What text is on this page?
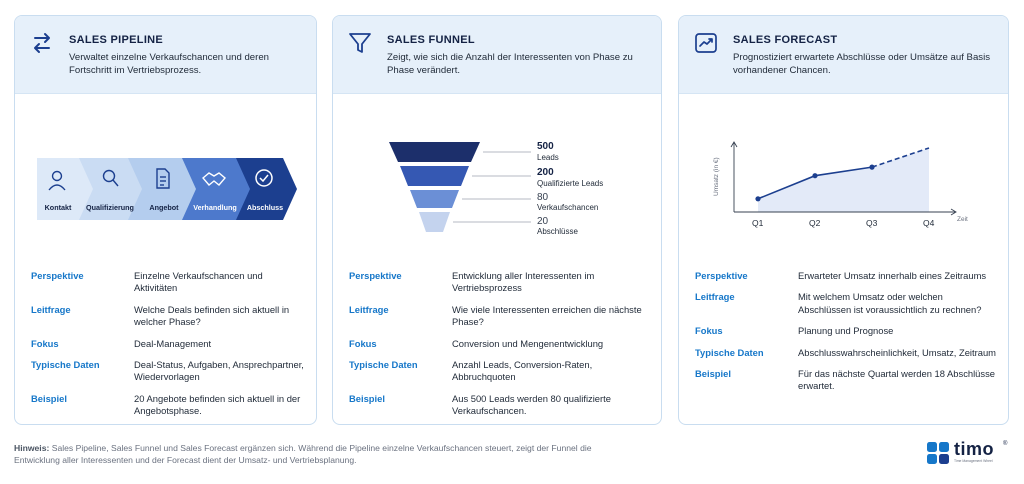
SALES PIPELINE
Verwaltet einzelne Verkaufschancen und deren Fortschritt im Vertriebsprozess.
Kontakt	Qualifizierung	Angebot	Verhandlung	Abschluss
Perspektive	Einzelne Verkaufschancen und Aktivitäten
Leitfrage	Welche Deals befinden sich aktuell in welcher Phase?
Fokus	Deal-Management
Typische Daten	Deal-Status, Aufgaben, Ansprechpartner, Wiedervorlagen
Beispiel	20 Angebote befinden sich aktuell in der Angebotsphase.
SALES FUNNEL
Zeigt, wie sich die Anzahl der Interessenten von Phase zu Phase verändert.
500
Leads
200
Qualifizierte Leads
80
Verkaufschancen
20
Abschlüsse
Perspektive	Entwicklung aller Interessenten im Vertriebsprozess
Leitfrage	Wie viele Interessenten erreichen die nächste Phase?
Fokus	Conversion und Mengenentwicklung
Typische Daten	Anzahl Leads, Conversion-Raten, Abbruchquoten
Beispiel	Aus 500 Leads werden 80 qualifizierte Verkaufschancen.
SALES FORECAST
Prognostiziert erwartete Abschlüsse oder Umsätze auf Basis vorhandener Chancen.
Umsatz (in €)
Zeit
Q1	Q2	Q3	Q4
Perspektive	Erwarteter Umsatz innerhalb eines Zeitraums
Leitfrage	Mit welchem Umsatz oder welchen Abschlüssen ist voraussichtlich zu rechnen?
Fokus	Planung und Prognose
Typische Daten	Abschlusswahrscheinlichkeit, Umsatz, Zeitraum
Beispiel	Für das nächste Quartal werden 18 Abschlüsse erwartet.
Hinweis: Sales Pipeline, Sales Funnel und Sales Forecast ergänzen sich. Während die Pipeline einzelne Verkaufschancen steuert, zeigt der Funnel die Entwicklung aller Interessenten und der Forecast dient der Umsatz- und Vertriebsplanung.
timo ®
Time Management Wheel
